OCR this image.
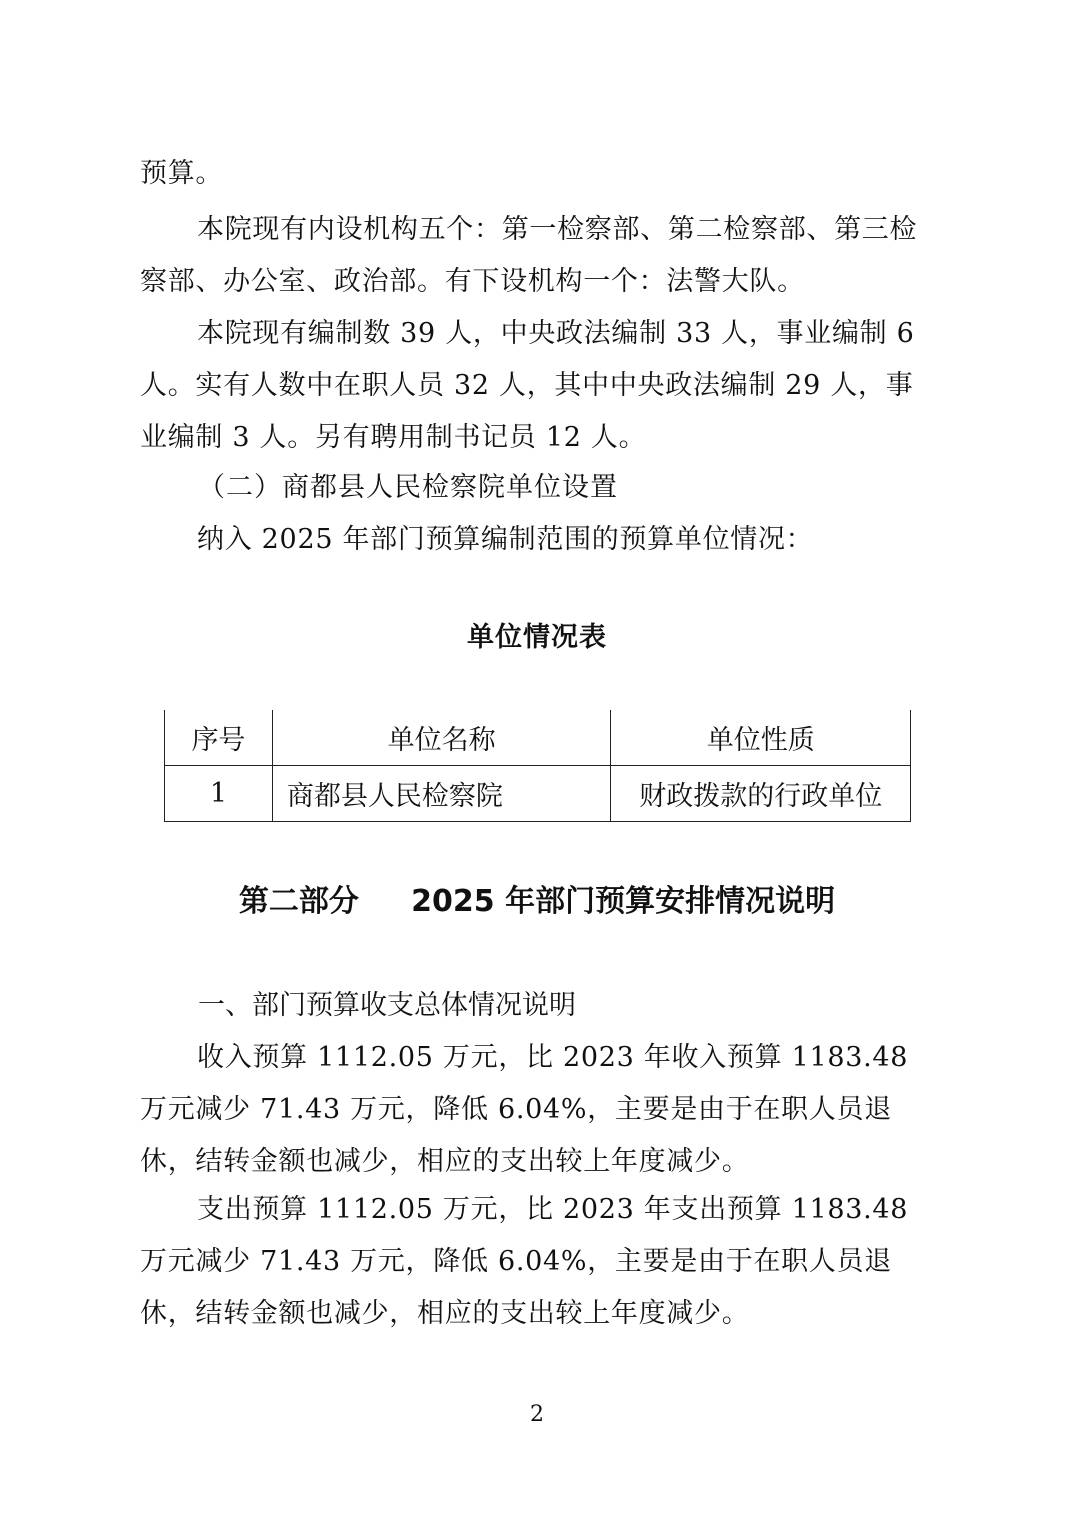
预算。

本院现有内设机构五个：第一检察部、第二检察部、第三检察部、办公室、政治部。有下设机构一个：法警大队。

本院现有编制数 39 人，中央政法编制 33 人，事业编制 6 人。实有人数中在职人员 32 人，其中中央政法编制 29 人，事业编制 3 人。另有聘用制书记员 12 人。

（二）商都县人民检察院单位设置

纳入 2025 年部门预算编制范围的预算单位情况：

单位情况表

序号	单位名称	单位性质
1	商都县人民检察院	财政拨款的行政单位

第二部分     2025 年部门预算安排情况说明

一、部门预算收支总体情况说明

收入预算 1112.05 万元，比 2023 年收入预算 1183.48 万元减少 71.43 万元，降低 6.04%，主要是由于在职人员退休，结转金额也减少，相应的支出较上年度减少。

支出预算 1112.05 万元，比 2023 年支出预算 1183.48 万元减少 71.43 万元，降低 6.04%，主要是由于在职人员退休，结转金额也减少，相应的支出较上年度减少。

2
